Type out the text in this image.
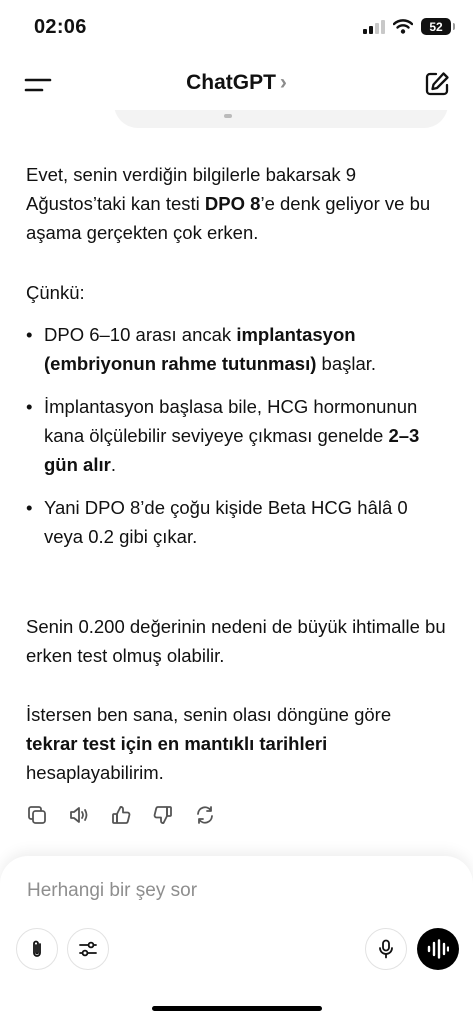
02:06	52
ChatGPT ›

Evet, senin verdiğin bilgilerle bakarsak 9 Ağustos’taki kan testi DPO 8’e denk geliyor ve bu aşama gerçekten çok erken.

Çünkü:

• DPO 6–10 arası ancak implantasyon (embriyonun rahme tutunması) başlar.
• İmplantasyon başlasa bile, HCG hormonunun kana ölçülebilir seviyeye çıkması genelde 2–3 gün alır.
• Yani DPO 8’de çoğu kişide Beta HCG hâlâ 0 veya 0.2 gibi çıkar.

Senin 0.200 değerinin nedeni de büyük ihtimalle bu erken test olmuş olabilir.

İstersen ben sana, senin olası döngüne göre tekrar test için en mantıklı tarihleri hesaplayabilirim.

Herhangi bir şey sor
